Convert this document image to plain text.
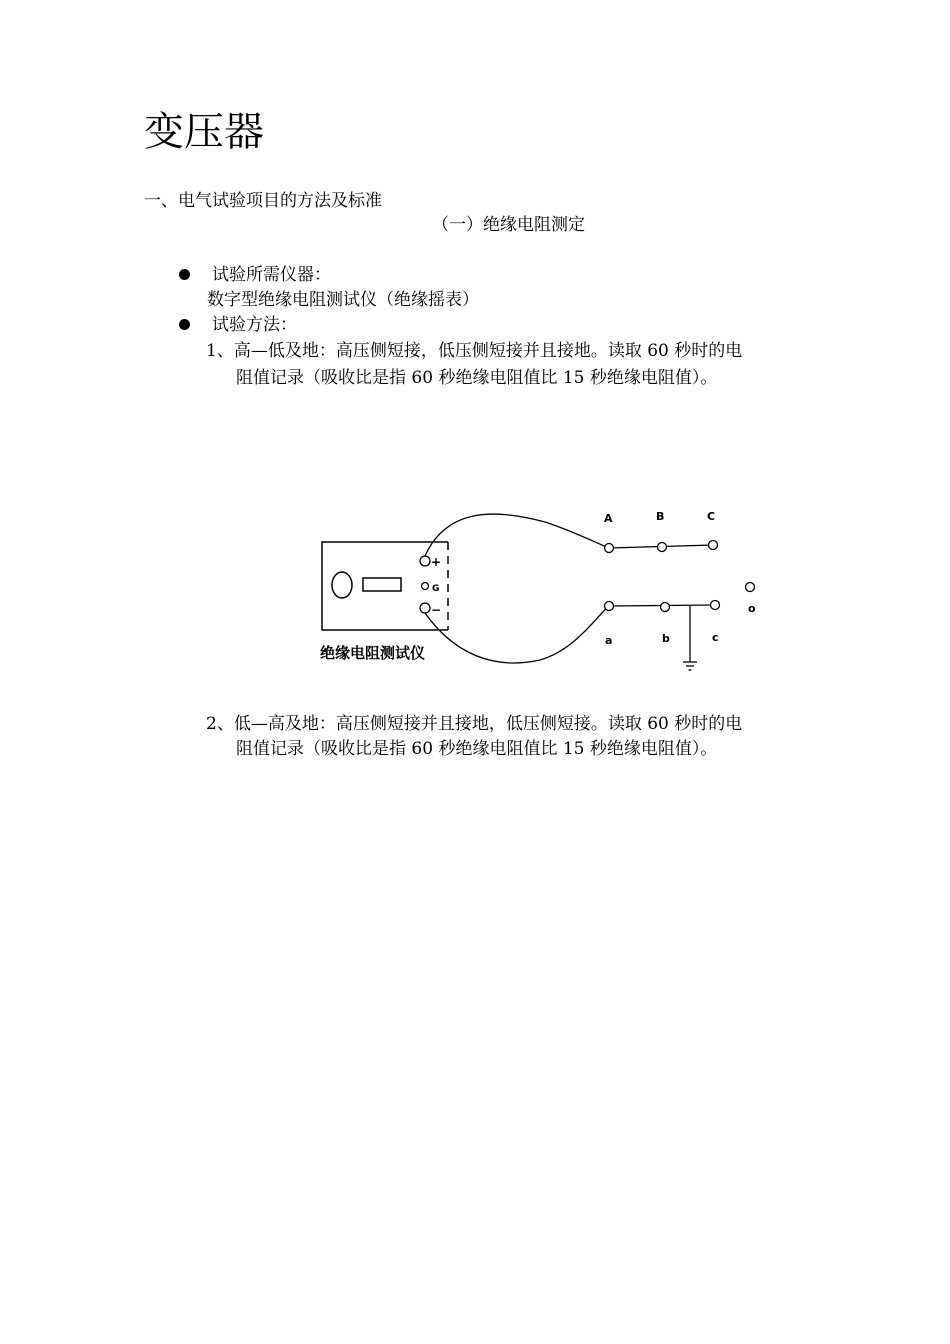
变压器
一、电气试验项目的方法及标准
（一）绝缘电阻测定
试验所需仪器：
数字型绝缘电阻测试仪（绝缘摇表）
试验方法：
1、高—低及地：高压侧短接，低压侧短接并且接地。读取 60 秒时的电
阻值记录（吸收比是指 60 秒绝缘电阻值比 15 秒绝缘电阻值）。
+
G
−
A	B	C
o
a	b	c
绝缘电阻测试仪
2、低—高及地：高压侧短接并且接地，低压侧短接。读取 60 秒时的电
阻值记录（吸收比是指 60 秒绝缘电阻值比 15 秒绝缘电阻值）。
